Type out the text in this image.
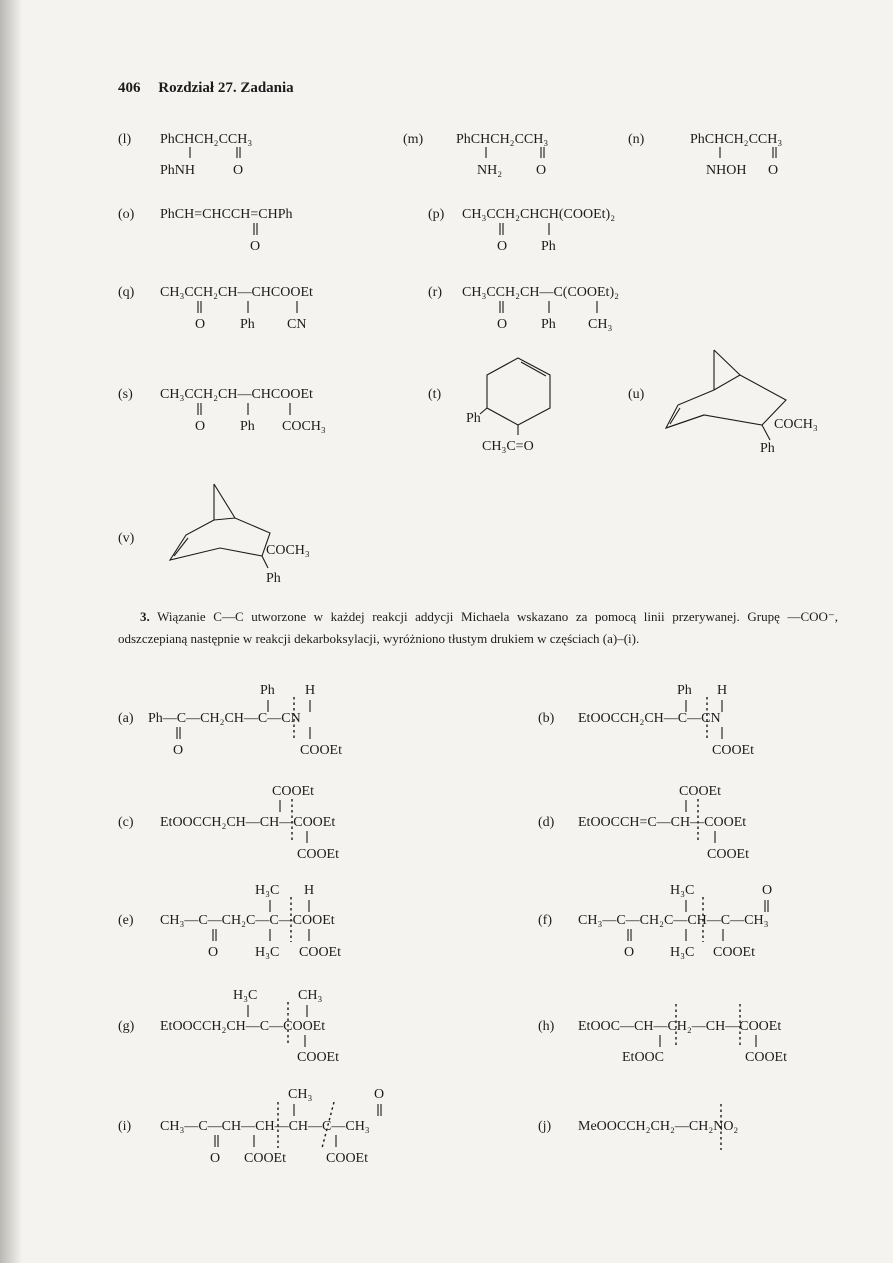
406 Rozdział 27. Zadania
(l) PhCHCH₂CCH₃
PhNH	O
(m) PhCHCH₂CCH₃
NH₂ O
(n)	PhCHCH₂CCH₃
NHOH O
(o) PhCH=CHCCH=CHPh
O
(p) CH₃CCH₂CHCH(COOEt)₂
O Ph
(q) CH₃CCH₂CH—CHCOOEt
O Ph CN
(r) CH₃CCH₂CH—C(COOEt)₂
O Ph CH₃
(s) CH₃CCH₂CH—CHCOOEt
O Ph COCH₃
(t)
Ph
CH₃C=O
(u)
COCH₃
Ph
(v)
COCH₃
Ph
Ph H
(a) Ph—C—CH₂CH—C—CN
O	COOEt
Ph H
(b) EtOOCCH₂CH—C—CN
COOEt
COOEt
(c) EtOOCCH₂CH—CH—COOEt
COOEt
COOEt
(d) EtOOCCH=C—CH—COOEt
COOEt
H₃C H
(e) CH₃—C—CH₂C—C—COOEt
O	H₃C COOEt
H₃C	O
(f) CH₃—C—CH₂C—CH—C—CH₃
O	H₃C COOEt
H₃C	CH₃
(g) EtOOCCH₂CH—C—COOEt
COOEt
(h) EtOOC—CH—CH₂—CH—COOEt
EtOOC	COOEt
CH₃	O
(i) CH₃—C—CH—CH—CH—C—CH₃
O COOEt	COOEt
(j) MeOOCCH₂CH₂—CH₂NO₂
3. Wiązanie C—C utworzone w każdej reakcji addycji Michaela wskazano za pomocą linii przerywanej. Grupę —COO⁻, odszczepianą następnie w reakcji dekarboksylacji, wyróżniono tłustym drukiem w częściach (a)–(i).
